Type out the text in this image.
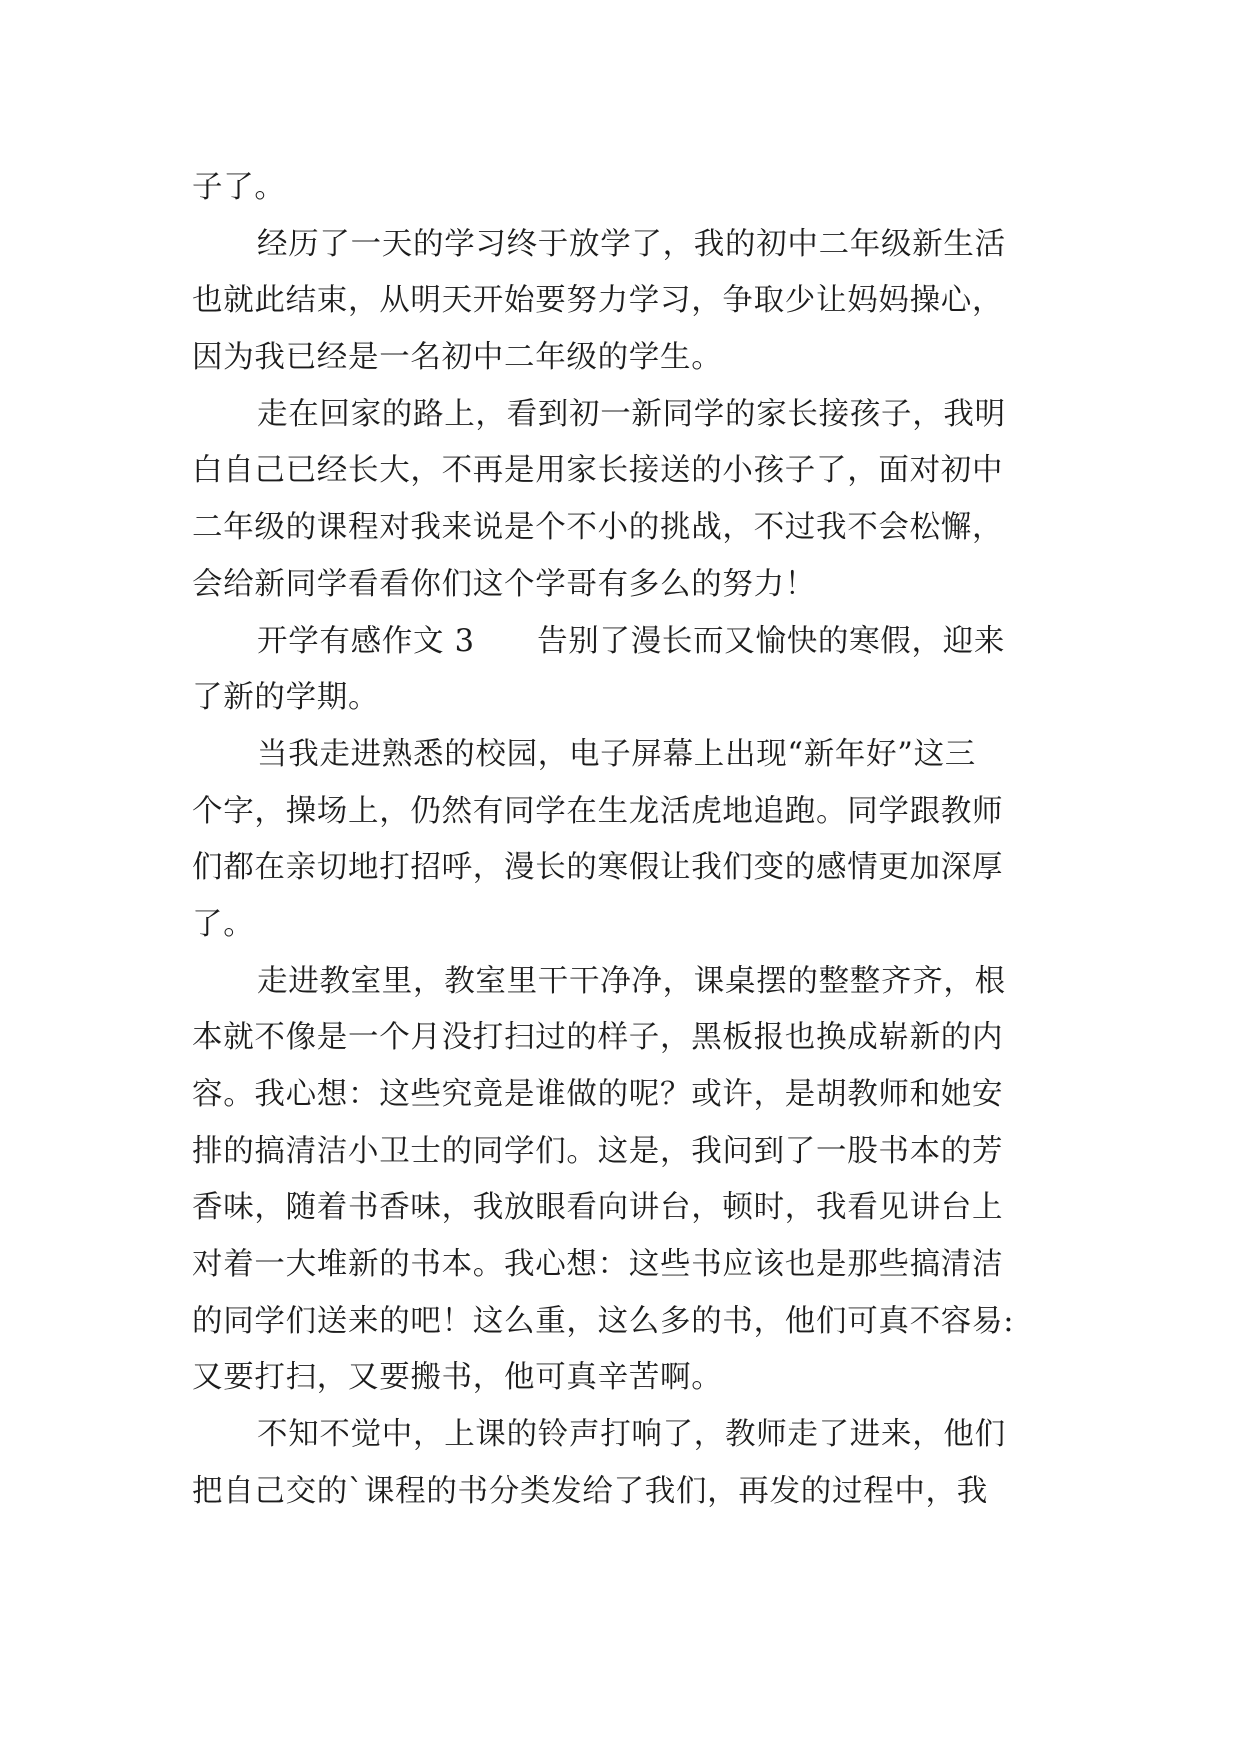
子了。
经历了一天的学习终于放学了，我的初中二年级新生活
也就此结束，从明天开始要努力学习，争取少让妈妈操心，
因为我已经是一名初中二年级的学生。
走在回家的路上，看到初一新同学的家长接孩子，我明
白自己已经长大，不再是用家长接送的小孩子了，面对初中
二年级的课程对我来说是个不小的挑战，不过我不会松懈，
会给新同学看看你们这个学哥有多么的努力！
开学有感作文 3　　告别了漫长而又愉快的寒假，迎来
了新的学期。
当我走进熟悉的校园，电子屏幕上出现“新年好”这三
个字，操场上，仍然有同学在生龙活虎地追跑。同学跟教师
们都在亲切地打招呼，漫长的寒假让我们变的感情更加深厚
了。
走进教室里，教室里干干净净，课桌摆的整整齐齐，根
本就不像是一个月没打扫过的样子，黑板报也换成崭新的内
容。我心想：这些究竟是谁做的呢？或许，是胡教师和她安
排的搞清洁小卫士的同学们。这是，我问到了一股书本的芳
香味，随着书香味，我放眼看向讲台，顿时，我看见讲台上
对着一大堆新的书本。我心想：这些书应该也是那些搞清洁
的同学们送来的吧！这么重，这么多的书，他们可真不容易:
又要打扫，又要搬书，他可真辛苦啊。
不知不觉中，上课的铃声打响了，教师走了进来，他们
把自己交的`课程的书分类发给了我们，再发的过程中，我
